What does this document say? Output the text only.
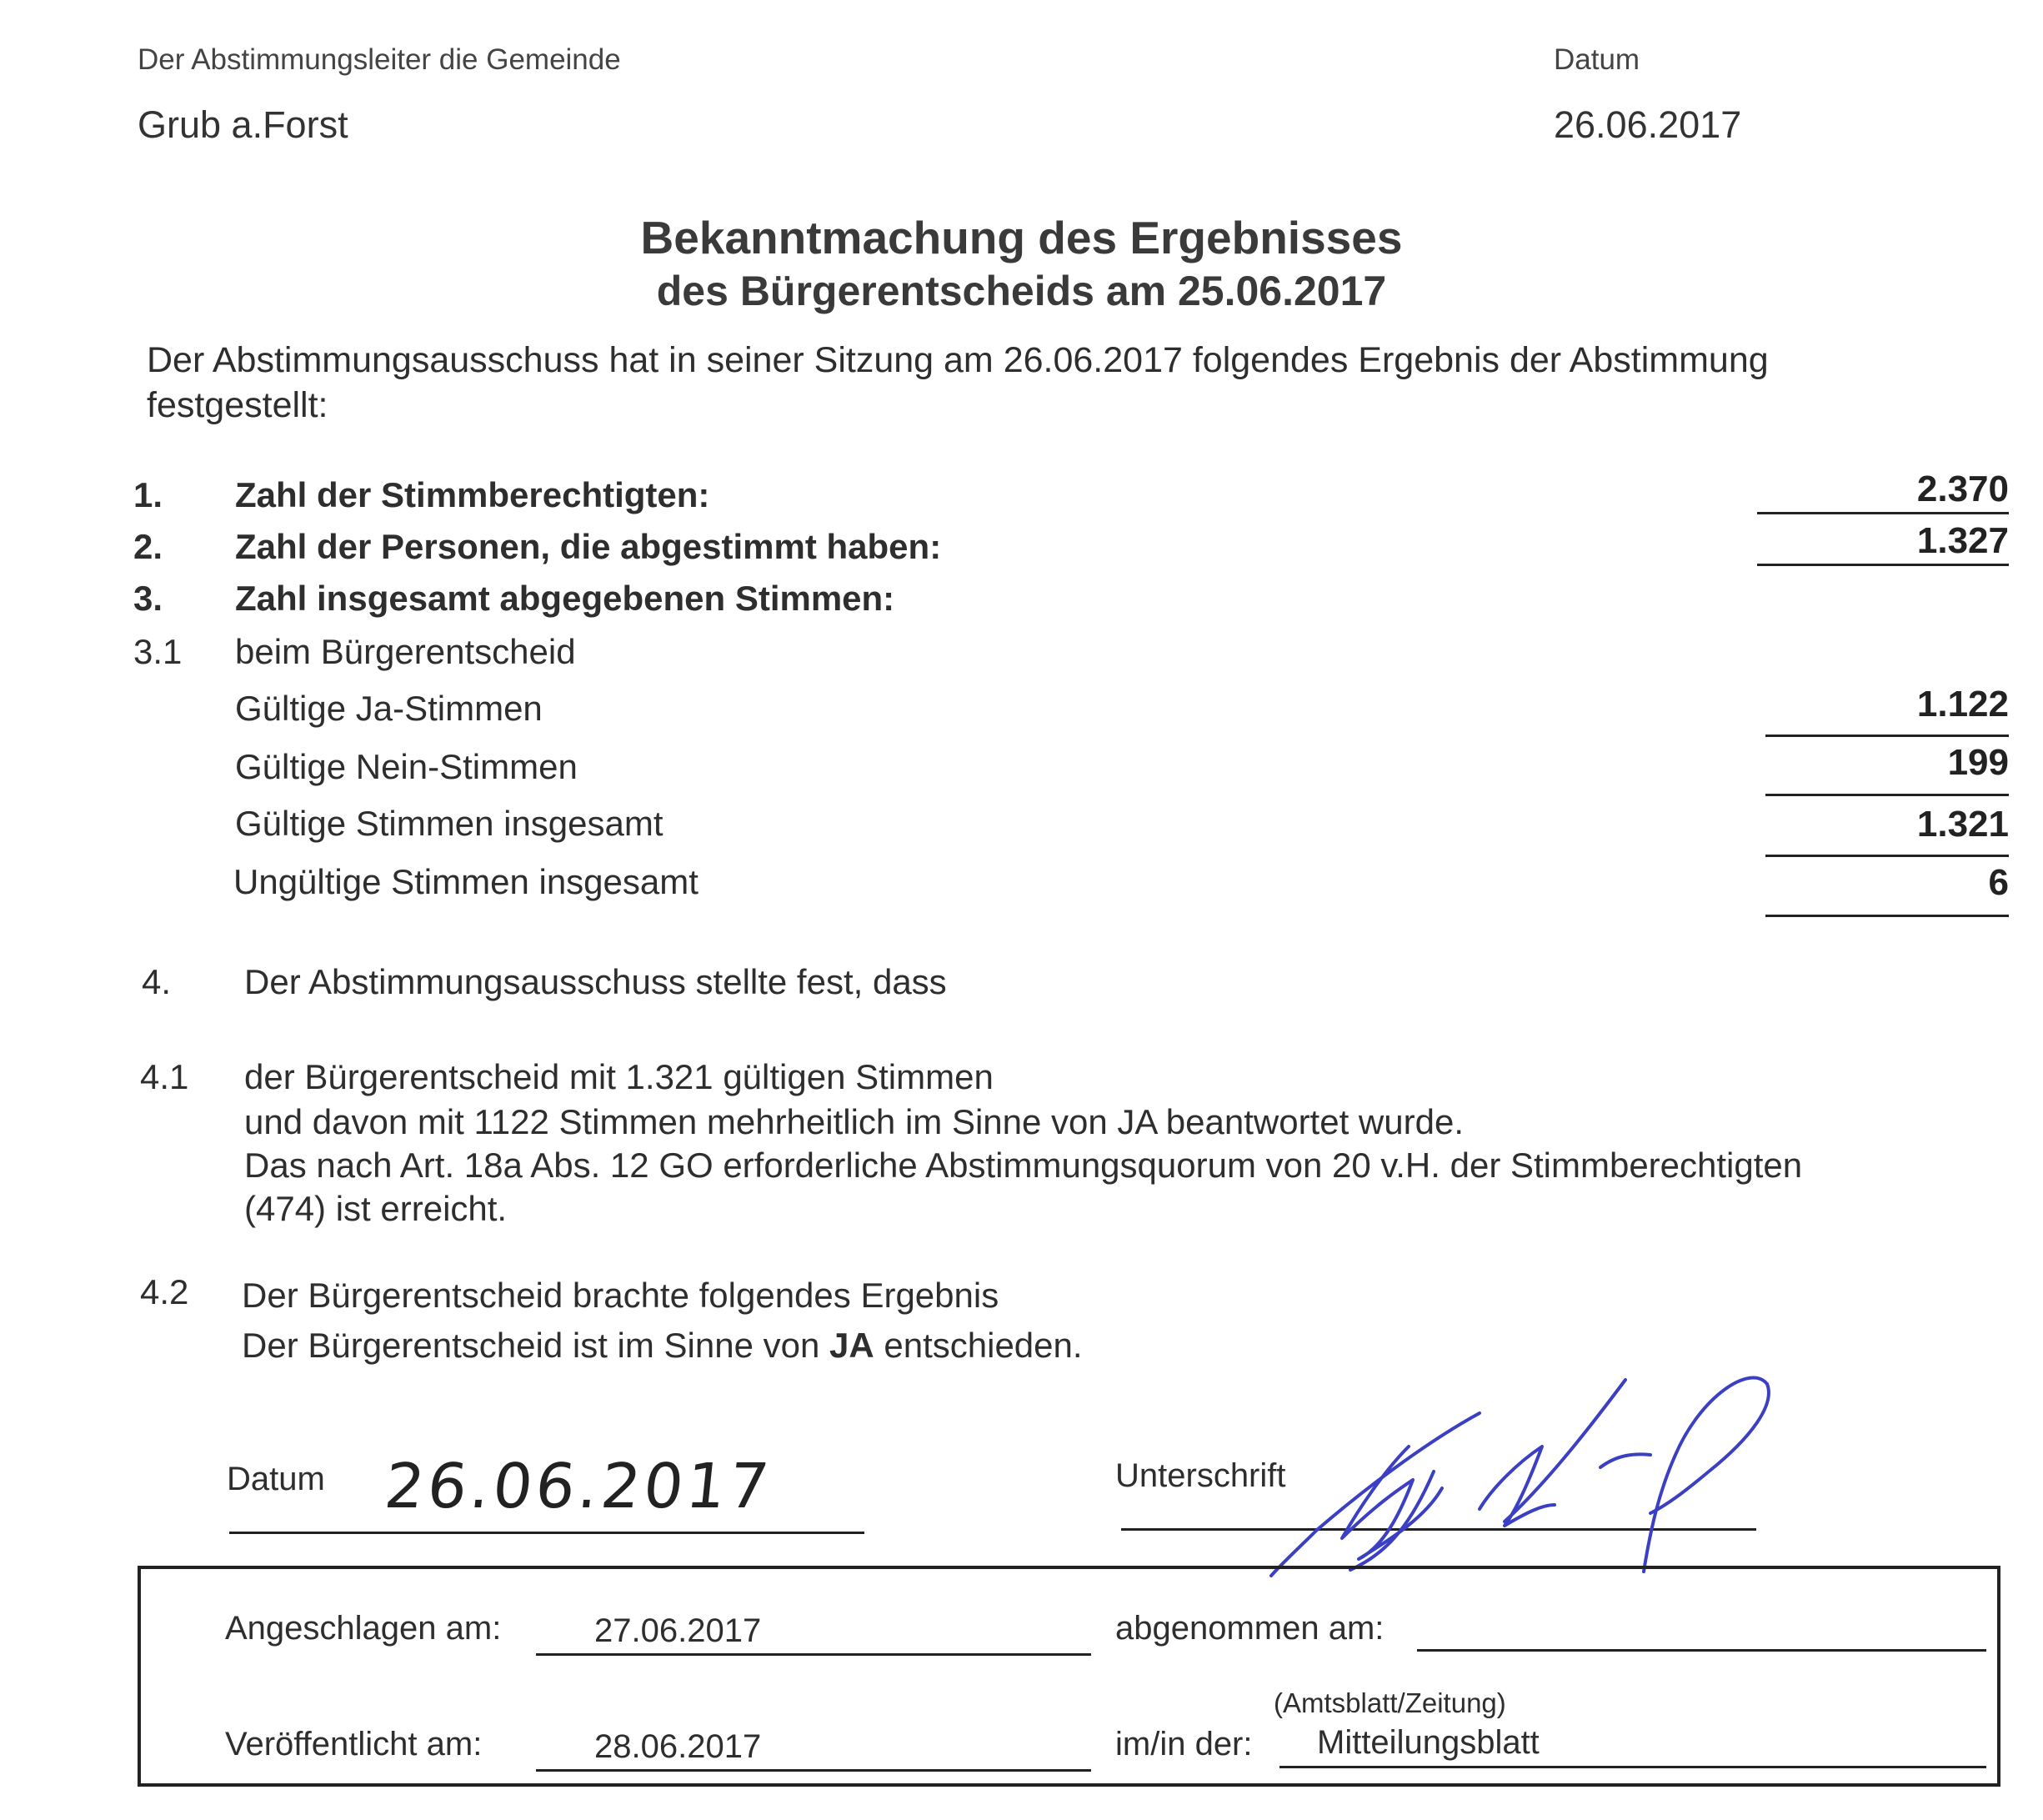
Der Abstimmungsleiter die Gemeinde
Grub a.Forst
Datum
26.06.2017
Bekanntmachung des Ergebnisses
des Bürgerentscheids am 25.06.2017
Der Abstimmungsausschuss hat in seiner Sitzung am 26.06.2017 folgendes Ergebnis der Abstimmung
festgestellt:
1. Zahl der Stimmberechtigten:	2.370
2. Zahl der Personen, die abgestimmt haben:	1.327
3. Zahl insgesamt abgegebenen Stimmen:
3.1 beim Bürgerentscheid
Gültige Ja-Stimmen	1.122
Gültige Nein-Stimmen	199
Gültige Stimmen insgesamt	1.321
Ungültige Stimmen insgesamt	6
4. Der Abstimmungsausschuss stellte fest, dass
4.1 der Bürgerentscheid mit 1.321 gültigen Stimmen
und davon mit 1122 Stimmen mehrheitlich im Sinne von JA beantwortet wurde.
Das nach Art. 18a Abs. 12 GO erforderliche Abstimmungsquorum von 20 v.H. der Stimmberechtigten
(474) ist erreicht.
4.2 Der Bürgerentscheid brachte folgendes Ergebnis
Der Bürgerentscheid ist im Sinne von JA entschieden.
Datum 26.06.2017	Unterschrift
Angeschlagen am:	27.06.2017	abgenommen am:
(Amtsblatt/Zeitung)
Veröffentlicht am:	28.06.2017	im/in der: Mitteilungsblatt
